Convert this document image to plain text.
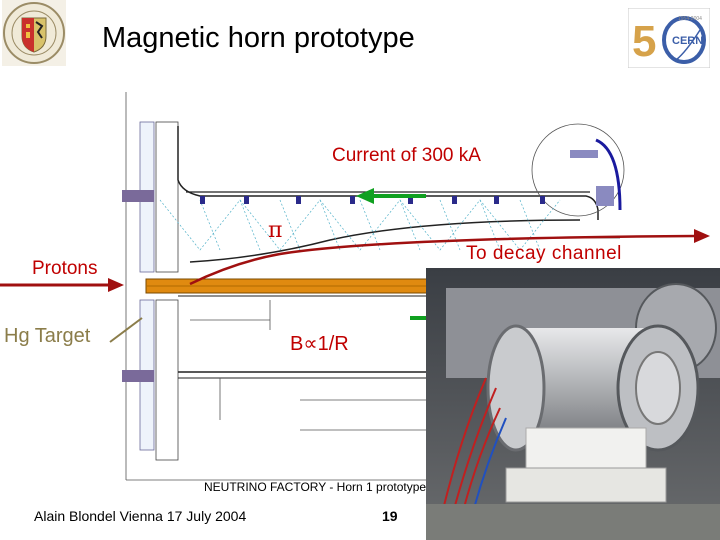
5 CERN
1954-2004
Magnetic horn prototype
Current of 300 kA
π
To decay channel
Protons
Hg Target	B∝1/R
NEUTRINO FACTORY - Horn 1 prototype
Alain Blondel Vienna 17 July 2004	19
